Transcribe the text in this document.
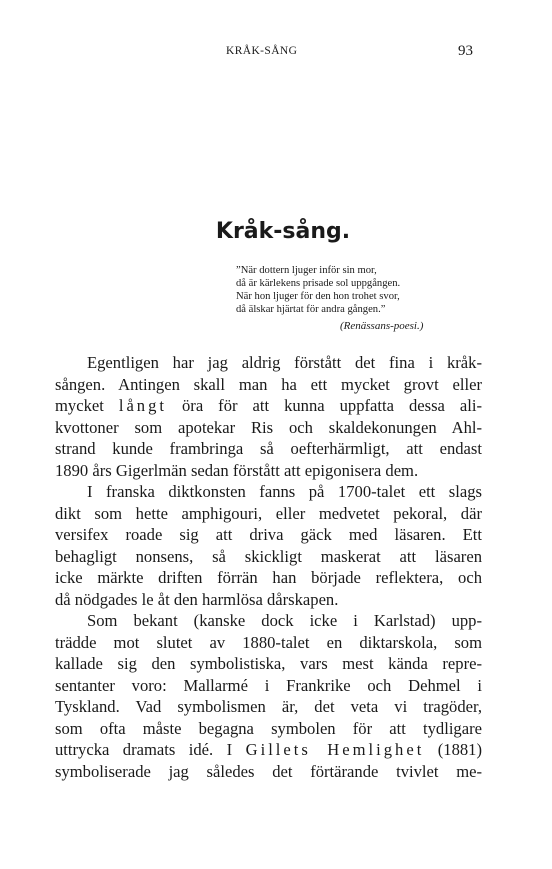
KRÅK-SÅNG	93
Kråk-sång.
”När dottern ljuger inför sin mor,
då är kärlekens prisade sol uppgången.
När hon ljuger för den hon trohet svor,
då älskar hjärtat för andra gången.”
(Renässans-poesi.)
Egentligen har jag aldrig förstått det fina i kråk-
sången. Antingen skall man ha ett mycket grovt eller
mycket långt öra för att kunna uppfatta dessa ali-
kvottoner som apotekar Ris och skaldekonungen Ahl-
strand kunde frambringa så oefterhärmligt, att endast
1890 års Gigerlmän sedan förstått att epigonisera dem.
I franska diktkonsten fanns på 1700-talet ett slags
dikt som hette amphigouri, eller medvetet pekoral, där
versifex roade sig att driva gäck med läsaren. Ett
behagligt nonsens, så skickligt maskerat att läsaren
icke märkte driften förrän han började reflektera, och
då nödgades le åt den harmlösa dårskapen.
Som bekant (kanske dock icke i Karlstad) upp-
trädde mot slutet av 1880-talet en diktarskola, som
kallade sig den symbolistiska, vars mest kända repre-
sentanter voro: Mallarmé i Frankrike och Dehmel i
Tyskland. Vad symbolismen är, det veta vi tragöder,
som ofta måste begagna symbolen för att tydligare
uttrycka dramats idé. I Gillets Hemlighet (1881)
symboliserade jag således det förtärande tvivlet me-
